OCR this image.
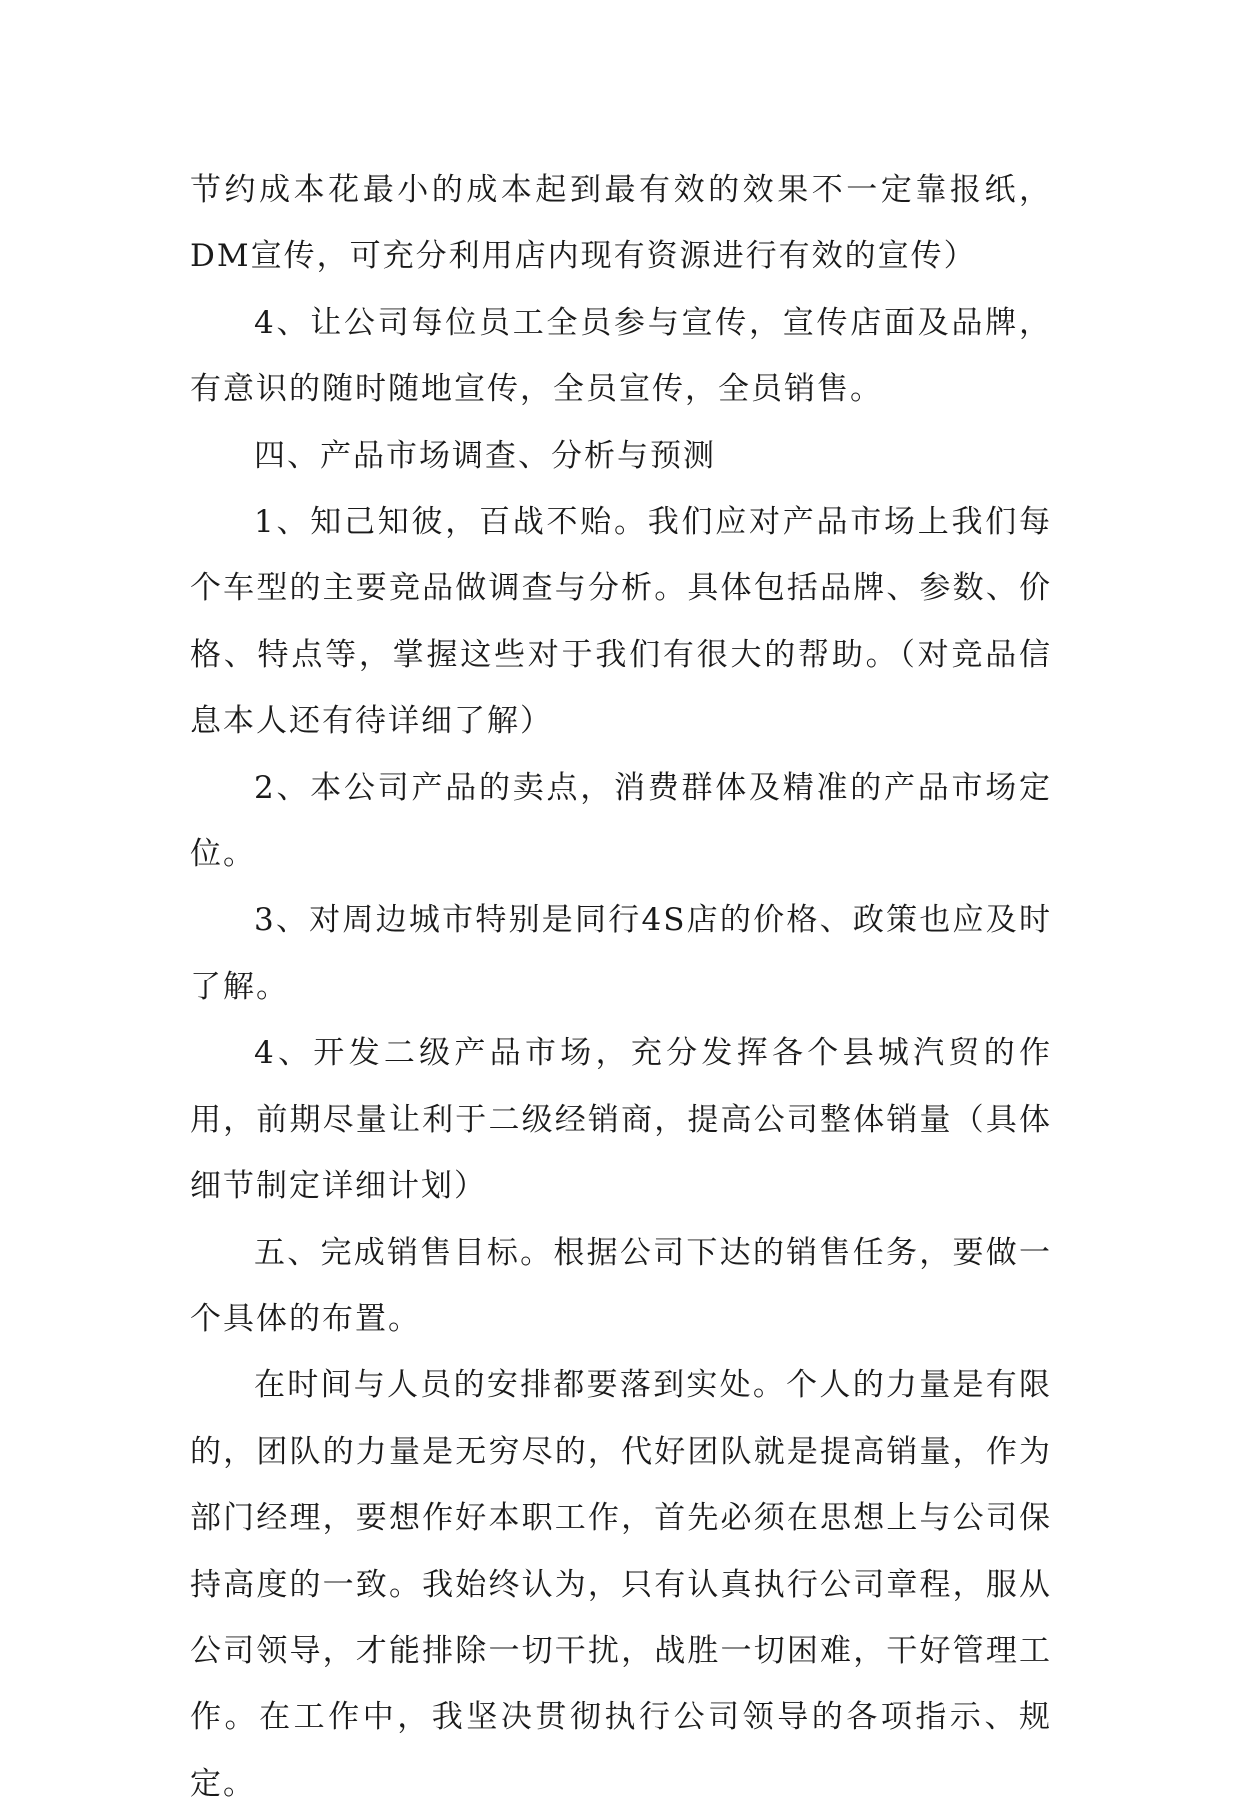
节约成本花最小的成本起到最有效的效果不一定靠报纸，DM宣传，可充分利用店内现有资源进行有效的宣传）

4、让公司每位员工全员参与宣传，宣传店面及品牌，有意识的随时随地宣传，全员宣传，全员销售。

四、产品市场调查、分析与预测

1、知己知彼，百战不贻。我们应对产品市场上我们每个车型的主要竞品做调查与分析。具体包括品牌、参数、价格、特点等，掌握这些对于我们有很大的帮助。（对竞品信息本人还有待详细了解）

2、本公司产品的卖点，消费群体及精准的产品市场定位。

3、对周边城市特别是同行4S店的价格、政策也应及时了解。

4、开发二级产品市场，充分发挥各个县城汽贸的作用，前期尽量让利于二级经销商，提高公司整体销量（具体细节制定详细计划）

五、完成销售目标。根据公司下达的销售任务，要做一个具体的布置。

在时间与人员的安排都要落到实处。个人的力量是有限的，团队的力量是无穷尽的，代好团队就是提高销量，作为部门经理，要想作好本职工作，首先必须在思想上与公司保持高度的一致。我始终认为，只有认真执行公司章程，服从公司领导，才能排除一切干扰，战胜一切困难，干好管理工作。在工作中，我坚决贯彻执行公司领导的各项指示、规定。
